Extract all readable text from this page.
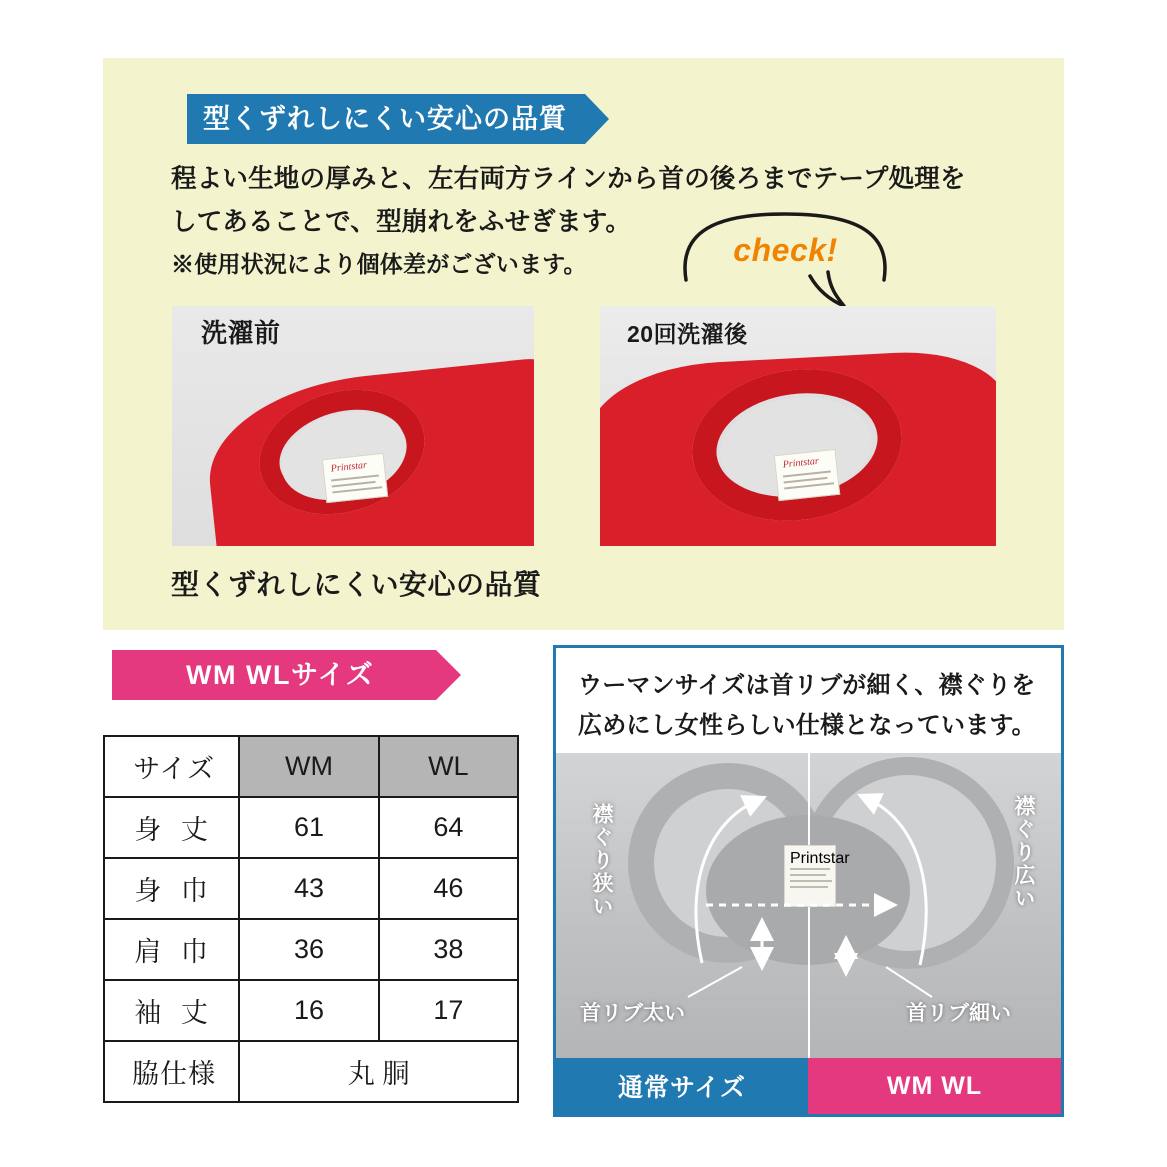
型くずれしにくい安心の品質
程よい生地の厚みと、左右両方ラインから首の後ろまでテープ処理をしてあることで、型崩れをふせぎます。
※使用状況により個体差がございます。	check!
Printstar
洗濯前
Printstar
20回洗濯後
型くずれしにくい安心の品質
WM WLサイズ
サイズ	WM	WL
身 丈	61	64
身 巾	43	46
肩 巾	36	38
袖 丈	16	17
脇仕様	丸 胴	
ウーマンサイズは首リブが細く、襟ぐりを広めにし女性らしい仕様となっています。
Printstar
襟ぐり狭い	襟ぐり広い
首リブ太い	首リブ細い
通常サイズ	WM WL
